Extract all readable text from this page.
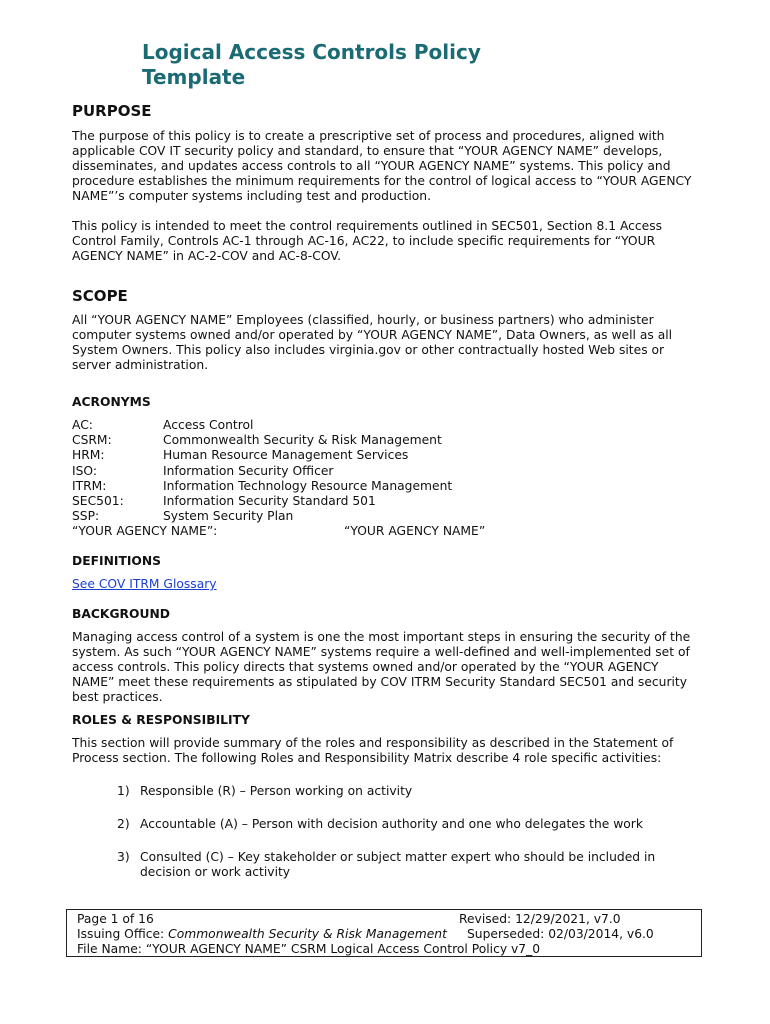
Logical Access Controls Policy
Template
PURPOSE
The purpose of this policy is to create a prescriptive set of process and procedures, aligned with applicable COV IT security policy and standard, to ensure that “YOUR AGENCY NAME” develops, disseminates, and updates access controls to all “YOUR AGENCY NAME” systems. This policy and procedure establishes the minimum requirements for the control of logical access to “YOUR AGENCY NAME”’s computer systems including test and production.
This policy is intended to meet the control requirements outlined in SEC501, Section 8.1 Access Control Family, Controls AC-1 through AC-16, AC22, to include specific requirements for “YOUR AGENCY NAME” in AC-2-COV and AC-8-COV.
SCOPE
All “YOUR AGENCY NAME” Employees (classified, hourly, or business partners) who administer computer systems owned and/or operated by “YOUR AGENCY NAME”, Data Owners, as well as all System Owners. This policy also includes virginia.gov or other contractually hosted Web sites or server administration.
ACRONYMS
AC:	Access Control
CSRM:	Commonwealth Security & Risk Management
HRM:	Human Resource Management Services
ISO:	Information Security Officer
ITRM:	Information Technology Resource Management
SEC501:	Information Security Standard 501
SSP:	System Security Plan
“YOUR AGENCY NAME”:	“YOUR AGENCY NAME”
DEFINITIONS
See COV ITRM Glossary
BACKGROUND
Managing access control of a system is one the most important steps in ensuring the security of the system. As such “YOUR AGENCY NAME” systems require a well-defined and well-implemented set of access controls. This policy directs that systems owned and/or operated by the “YOUR AGENCY NAME” meet these requirements as stipulated by COV ITRM Security Standard SEC501 and security best practices.
ROLES & RESPONSIBILITY
This section will provide summary of the roles and responsibility as described in the Statement of Process section. The following Roles and Responsibility Matrix describe 4 role specific activities:
1) Responsible (R) – Person working on activity
2) Accountable (A) – Person with decision authority and one who delegates the work
3) Consulted (C) – Key stakeholder or subject matter expert who should be included in decision or work activity
Page 1 of 16	Revised: 12/29/2021, v7.0
Issuing Office: Commonwealth Security & Risk Management Superseded: 02/03/2014, v6.0
File Name: “YOUR AGENCY NAME” CSRM Logical Access Control Policy v7_0
